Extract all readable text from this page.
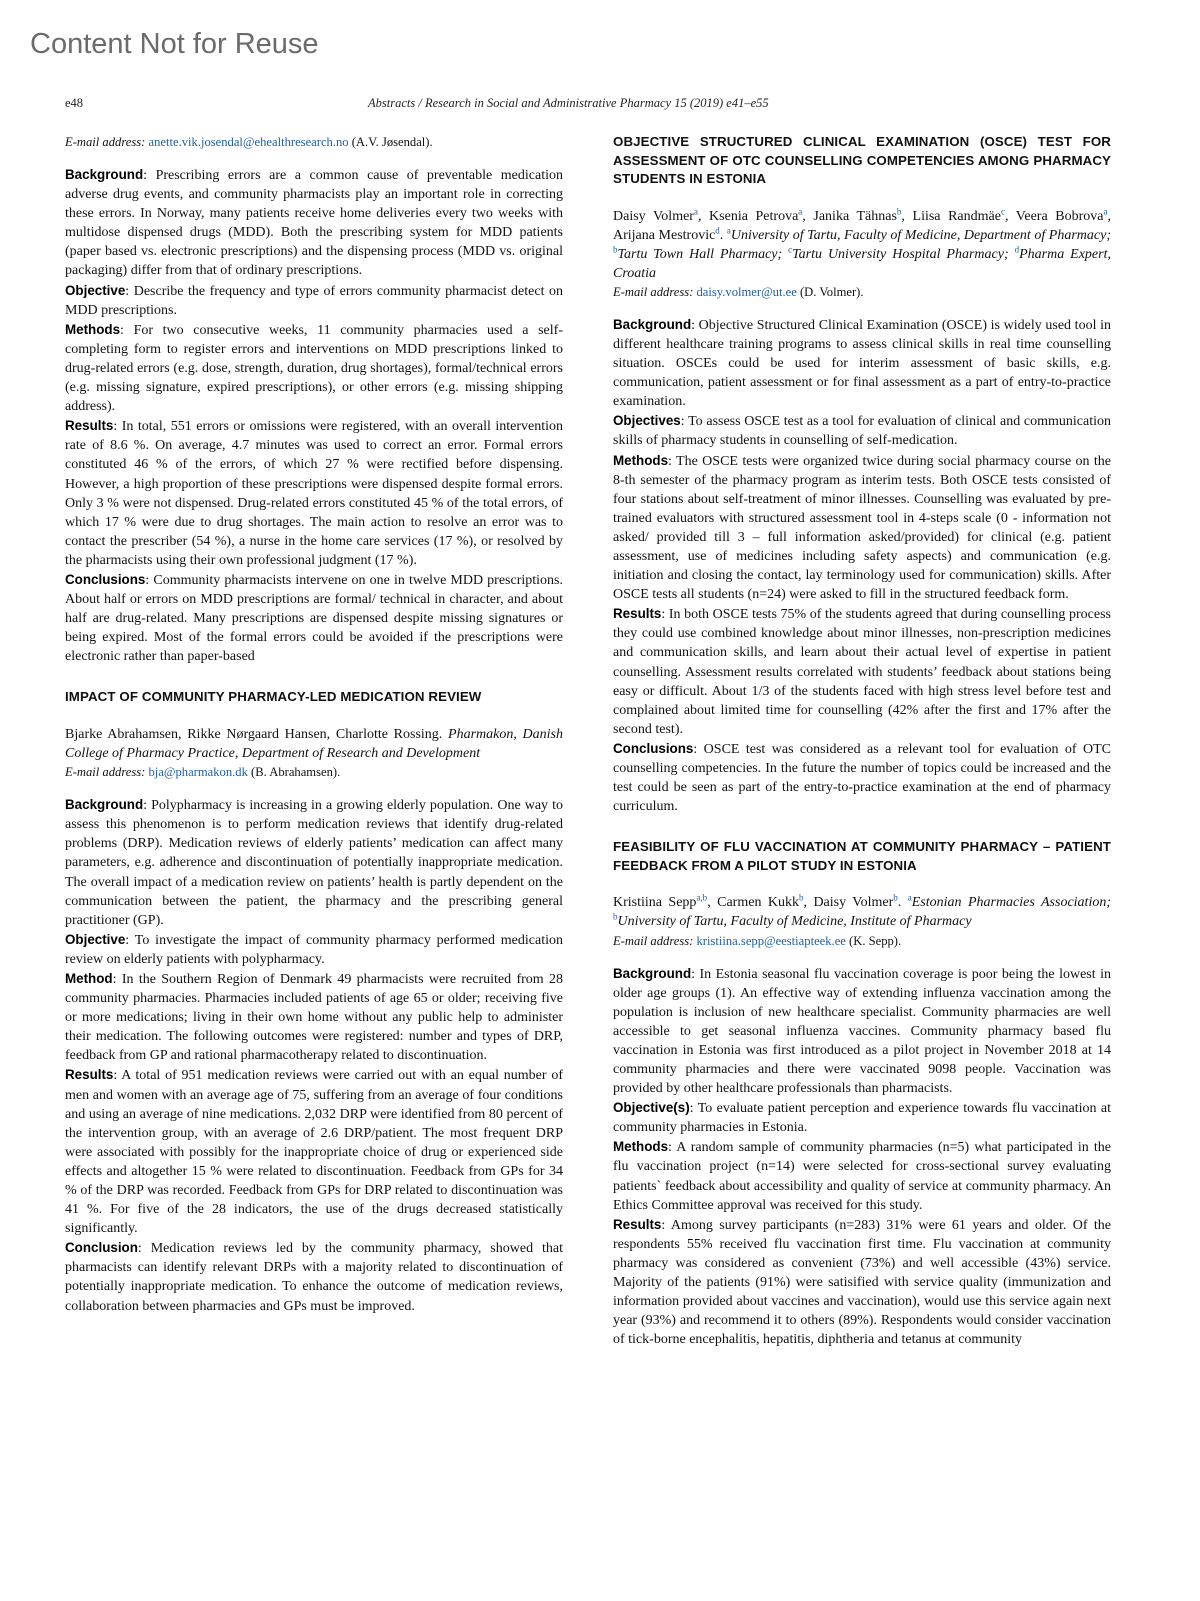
Content Not for Reuse
e48	Abstracts / Research in Social and Administrative Pharmacy 15 (2019) e41–e55

E-mail address: anette.vik.josendal@ehealthresearch.no (A.V. Jøsendal).

Background: Prescribing errors are a common cause of preventable medication adverse drug events, and community pharmacists play an important role in correcting these errors. In Norway, many patients receive home deliveries every two weeks with multidose dispensed drugs (MDD). Both the prescribing system for MDD patients (paper based vs. electronic prescriptions) and the dispensing process (MDD vs. original packaging) differ from that of ordinary prescriptions.

Objective: Describe the frequency and type of errors community pharmacist detect on MDD prescriptions.

Methods: For two consecutive weeks, 11 community pharmacies used a self-completing form to register errors and interventions on MDD prescriptions linked to drug-related errors (e.g. dose, strength, duration, drug shortages), formal/technical errors (e.g. missing signature, expired prescriptions), or other errors (e.g. missing shipping address).

Results: In total, 551 errors or omissions were registered, with an overall intervention rate of 8.6 %. On average, 4.7 minutes was used to correct an error. Formal errors constituted 46 % of the errors, of which 27 % were rectified before dispensing. However, a high proportion of these prescriptions were dispensed despite formal errors. Only 3 % were not dispensed. Drug-related errors constituted 45 % of the total errors, of which 17 % were due to drug shortages. The main action to resolve an error was to contact the prescriber (54 %), a nurse in the home care services (17 %), or resolved by the pharmacists using their own professional judgment (17 %).

Conclusions: Community pharmacists intervene on one in twelve MDD prescriptions. About half or errors on MDD prescriptions are formal/ technical in character, and about half are drug-related. Many prescriptions are dispensed despite missing signatures or being expired. Most of the formal errors could be avoided if the prescriptions were electronic rather than paper-based

IMPACT OF COMMUNITY PHARMACY-LED MEDICATION REVIEW

Bjarke Abrahamsen, Rikke Nørgaard Hansen, Charlotte Rossing. Pharmakon, Danish College of Pharmacy Practice, Department of Research and Development

E-mail address: bja@pharmakon.dk (B. Abrahamsen).

Background: Polypharmacy is increasing in a growing elderly population. One way to assess this phenomenon is to perform medication reviews that identify drug-related problems (DRP). Medication reviews of elderly patients’ medication can affect many parameters, e.g. adherence and discontinuation of potentially inappropriate medication. The overall impact of a medication review on patients’ health is partly dependent on the communication between the patient, the pharmacy and the prescribing general practitioner (GP).

Objective: To investigate the impact of community pharmacy performed medication review on elderly patients with polypharmacy.

Method: In the Southern Region of Denmark 49 pharmacists were recruited from 28 community pharmacies. Pharmacies included patients of age 65 or older; receiving five or more medications; living in their own home without any public help to administer their medication. The following outcomes were registered: number and types of DRP, feedback from GP and rational pharmacotherapy related to discontinuation.

Results: A total of 951 medication reviews were carried out with an equal number of men and women with an average age of 75, suffering from an average of four conditions and using an average of nine medications. 2,032 DRP were identified from 80 percent of the intervention group, with an average of 2.6 DRP/patient. The most frequent DRP were associated with possibly for the inappropriate choice of drug or experienced side effects and altogether 15 % were related to discontinuation. Feedback from GPs for 34 % of the DRP was recorded. Feedback from GPs for DRP related to discontinuation was 41 %. For five of the 28 indicators, the use of the drugs decreased statistically significantly.

Conclusion: Medication reviews led by the community pharmacy, showed that pharmacists can identify relevant DRPs with a majority related to discontinuation of potentially inappropriate medication. To enhance the outcome of medication reviews, collaboration between pharmacies and GPs must be improved.

OBJECTIVE STRUCTURED CLINICAL EXAMINATION (OSCE) TEST FOR ASSESSMENT OF OTC COUNSELLING COMPETENCIES AMONG PHARMACY STUDENTS IN ESTONIA

Daisy Volmer$^a$, Ksenia Petrova$^a$, Janika Tähnas$^b$, Liisa Randmäe$^c$, Veera Bobrova$^a$, Arijana Mestrovic$^d$. $^a$University of Tartu, Faculty of Medicine, Department of Pharmacy; $^b$Tartu Town Hall Pharmacy; $^c$Tartu University Hospital Pharmacy; $^d$Pharma Expert, Croatia

E-mail address: daisy.volmer@ut.ee (D. Volmer).

Background: Objective Structured Clinical Examination (OSCE) is widely used tool in different healthcare training programs to assess clinical skills in real time counselling situation. OSCEs could be used for interim assessment of basic skills, e.g. communication, patient assessment or for final assessment as a part of entry-to-practice examination.

Objectives: To assess OSCE test as a tool for evaluation of clinical and communication skills of pharmacy students in counselling of self-medication.

Methods: The OSCE tests were organized twice during social pharmacy course on the 8-th semester of the pharmacy program as interim tests. Both OSCE tests consisted of four stations about self-treatment of minor illnesses. Counselling was evaluated by pre-trained evaluators with structured assessment tool in 4-steps scale (0 - information not asked/ provided till 3 – full information asked/provided) for clinical (e.g. patient assessment, use of medicines including safety aspects) and communication (e.g. initiation and closing the contact, lay terminology used for communication) skills. After OSCE tests all students (n=24) were asked to fill in the structured feedback form.

Results: In both OSCE tests 75% of the students agreed that during counselling process they could use combined knowledge about minor illnesses, non-prescription medicines and communication skills, and learn about their actual level of expertise in patient counselling. Assessment results correlated with students’ feedback about stations being easy or difficult. About 1/3 of the students faced with high stress level before test and complained about limited time for counselling (42% after the first and 17% after the second test).

Conclusions: OSCE test was considered as a relevant tool for evaluation of OTC counselling competencies. In the future the number of topics could be increased and the test could be seen as part of the entry-to-practice examination at the end of pharmacy curriculum.

FEASIBILITY OF FLU VACCINATION AT COMMUNITY PHARMACY – PATIENT FEEDBACK FROM A PILOT STUDY IN ESTONIA

Kristiina Sepp$^{a,b}$, Carmen Kukk$^b$, Daisy Volmer$^b$. $^a$Estonian Pharmacies Association; $^b$University of Tartu, Faculty of Medicine, Institute of Pharmacy

E-mail address: kristiina.sepp@eestiapteek.ee (K. Sepp).

Background: In Estonia seasonal flu vaccination coverage is poor being the lowest in older age groups (1). An effective way of extending influenza vaccination among the population is inclusion of new healthcare specialist. Community pharmacies are well accessible to get seasonal influenza vaccines. Community pharmacy based flu vaccination in Estonia was first introduced as a pilot project in November 2018 at 14 community pharmacies and there were vaccinated 9098 people. Vaccination was provided by other healthcare professionals than pharmacists.

Objective(s): To evaluate patient perception and experience towards flu vaccination at community pharmacies in Estonia.

Methods: A random sample of community pharmacies (n=5) what participated in the flu vaccination project (n=14) were selected for cross-sectional survey evaluating patients` feedback about accessibility and quality of service at community pharmacy. An Ethics Committee approval was received for this study.

Results: Among survey participants (n=283) 31% were 61 years and older. Of the respondents 55% received flu vaccination first time. Flu vaccination at community pharmacy was considered as convenient (73%) and well accessible (43%) service. Majority of the patients (91%) were satisified with service quality (immunization and information provided about vaccines and vaccination), would use this service again next year (93%) and recommend it to others (89%). Respondents would consider vaccination of tick-borne encephalitis, hepatitis, diphtheria and tetanus at community
